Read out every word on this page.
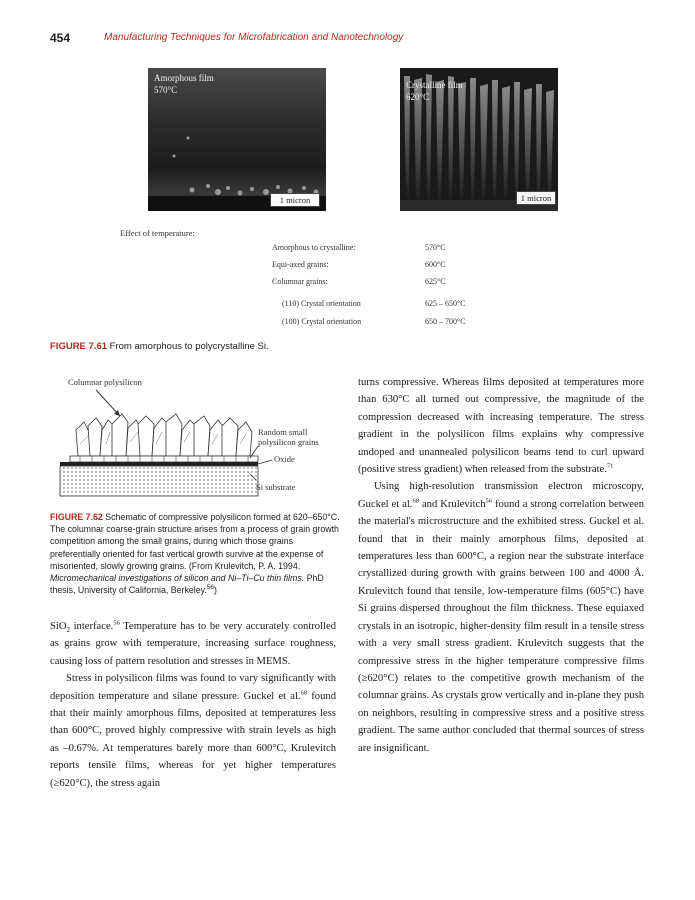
454	Manufacturing Techniques for Microfabrication and Nanotechnology
Amorphous film
570°C
1 micron
Crystalline film
620°C
1 micron
Effect of temperature:
Amorphous to crystalline:	570°C
Equi-axed grains:	600°C
Columnar grains:	625°C
(110) Crystal orientation	625 – 650°C
(100) Crystal orientation	650 – 700°C
FIGURE 7.61 From amorphous to polycrystalline Si.
Columnar polysilicon
Random small
polysilicon grains
Oxide
Si substrate
FIGURE 7.62 Schematic of compressive polysilicon formed at 620–650°C. The columnar coarse-grain structure arises from a process of grain growth competition among the small grains, during which those grains preferentially oriented for fast vertical growth survive at the expense of misoriented, slowly growing grains. (From Krulevitch, P. A. 1994. Micromechanical investigations of silicon and Ni–Ti–Cu thin films. PhD thesis, University of California, Berkeley.$^{56}$)

SiO$_2$ interface.$^{56}$ Temperature has to be very accurately controlled as grains grow with temperature, increasing surface roughness, causing loss of pattern resolution and stresses in MEMS.

Stress in polysilicon films was found to vary significantly with deposition temperature and silane pressure. Guckel et al.$^{68}$ found that their mainly amorphous films, deposited at temperatures less than 600°C, proved highly compressive with strain levels as high as –0.67%. At temperatures barely more than 600°C, Krulevitch reports tensile films, whereas for yet higher temperatures (≥620°C), the stress again

turns compressive. Whereas films deposited at temperatures more than 630°C all turned out compressive, the magnitude of the compression decreased with increasing temperature. The stress gradient in the polysilicon films explains why compressive undoped and unannealed polysilicon beams tend to curl upward (positive stress gradient) when released from the substrate.$^{71}$

Using high-resolution transmission electron microscopy, Guckel et al.$^{68}$ and Krulevitch$^{56}$ found a strong correlation between the material's microstructure and the exhibited stress. Guckel et al. found that in their mainly amorphous films, deposited at temperatures less than 600°C, a region near the substrate interface crystallized during growth with grains between 100 and 4000 Å. Krulevitch found that tensile, low-temperature films (605°C) have Si grains dispersed throughout the film thickness. These equiaxed crystals in an isotropic, higher-density film result in a tensile stress with a very small stress gradient. Krulevitch suggests that the compressive stress in the higher temperature compressive films (≥620°C) relates to the competitive growth mechanism of the columnar grains. As crystals grow vertically and in-plane they push on neighbors, resulting in compressive stress and a positive stress gradient. The same author concluded that thermal sources of stress are insignificant.
